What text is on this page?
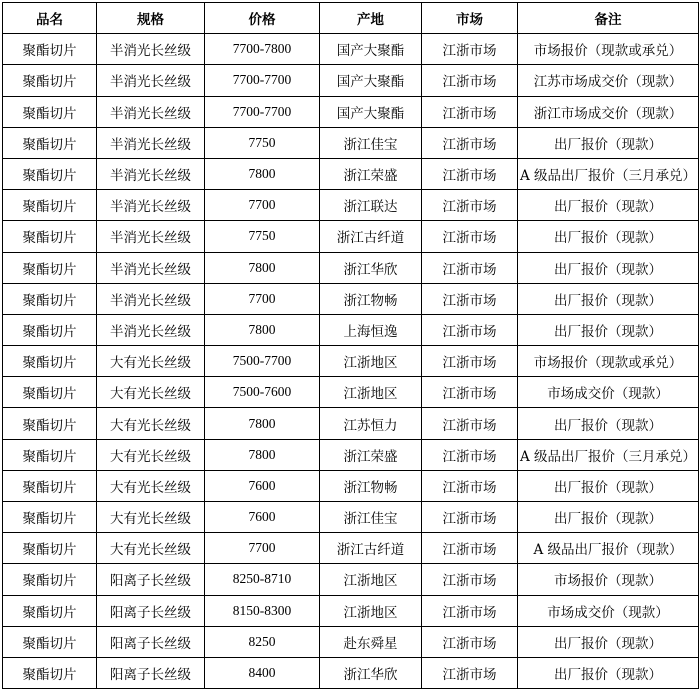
品名	规格	价格	产地	市场	备注
聚酯切片	半消光长丝级	7700-7800	国产大聚酯	江浙市场	市场报价（现款或承兑）
聚酯切片	半消光长丝级	7700-7700	国产大聚酯	江浙市场	江苏市场成交价（现款）
聚酯切片	半消光长丝级	7700-7700	国产大聚酯	江浙市场	浙江市场成交价（现款）
聚酯切片	半消光长丝级	7750	浙江佳宝	江浙市场	出厂报价（现款）
聚酯切片	半消光长丝级	7800	浙江荣盛	江浙市场	A 级品出厂报价（三月承兑）
聚酯切片	半消光长丝级	7700	浙江联达	江浙市场	出厂报价（现款）
聚酯切片	半消光长丝级	7750	浙江古纤道	江浙市场	出厂报价（现款）
聚酯切片	半消光长丝级	7800	浙江华欣	江浙市场	出厂报价（现款）
聚酯切片	半消光长丝级	7700	浙江物畅	江浙市场	出厂报价（现款）
聚酯切片	半消光长丝级	7800	上海恒逸	江浙市场	出厂报价（现款）
聚酯切片	大有光长丝级	7500-7700	江浙地区	江浙市场	市场报价（现款或承兑）
聚酯切片	大有光长丝级	7500-7600	江浙地区	江浙市场	市场成交价（现款）
聚酯切片	大有光长丝级	7800	江苏恒力	江浙市场	出厂报价（现款）
聚酯切片	大有光长丝级	7800	浙江荣盛	江浙市场	A 级品出厂报价（三月承兑）
聚酯切片	大有光长丝级	7600	浙江物畅	江浙市场	出厂报价（现款）
聚酯切片	大有光长丝级	7600	浙江佳宝	江浙市场	出厂报价（现款）
聚酯切片	大有光长丝级	7700	浙江古纤道	江浙市场	A 级品出厂报价（现款）
聚酯切片	阳离子长丝级	8250-8710	江浙地区	江浙市场	市场报价（现款）
聚酯切片	阳离子长丝级	8150-8300	江浙地区	江浙市场	市场成交价（现款）
聚酯切片	阳离子长丝级	8250	赴东舜星	江浙市场	出厂报价（现款）
聚酯切片	阳离子长丝级	8400	浙江华欣	江浙市场	出厂报价（现款）
